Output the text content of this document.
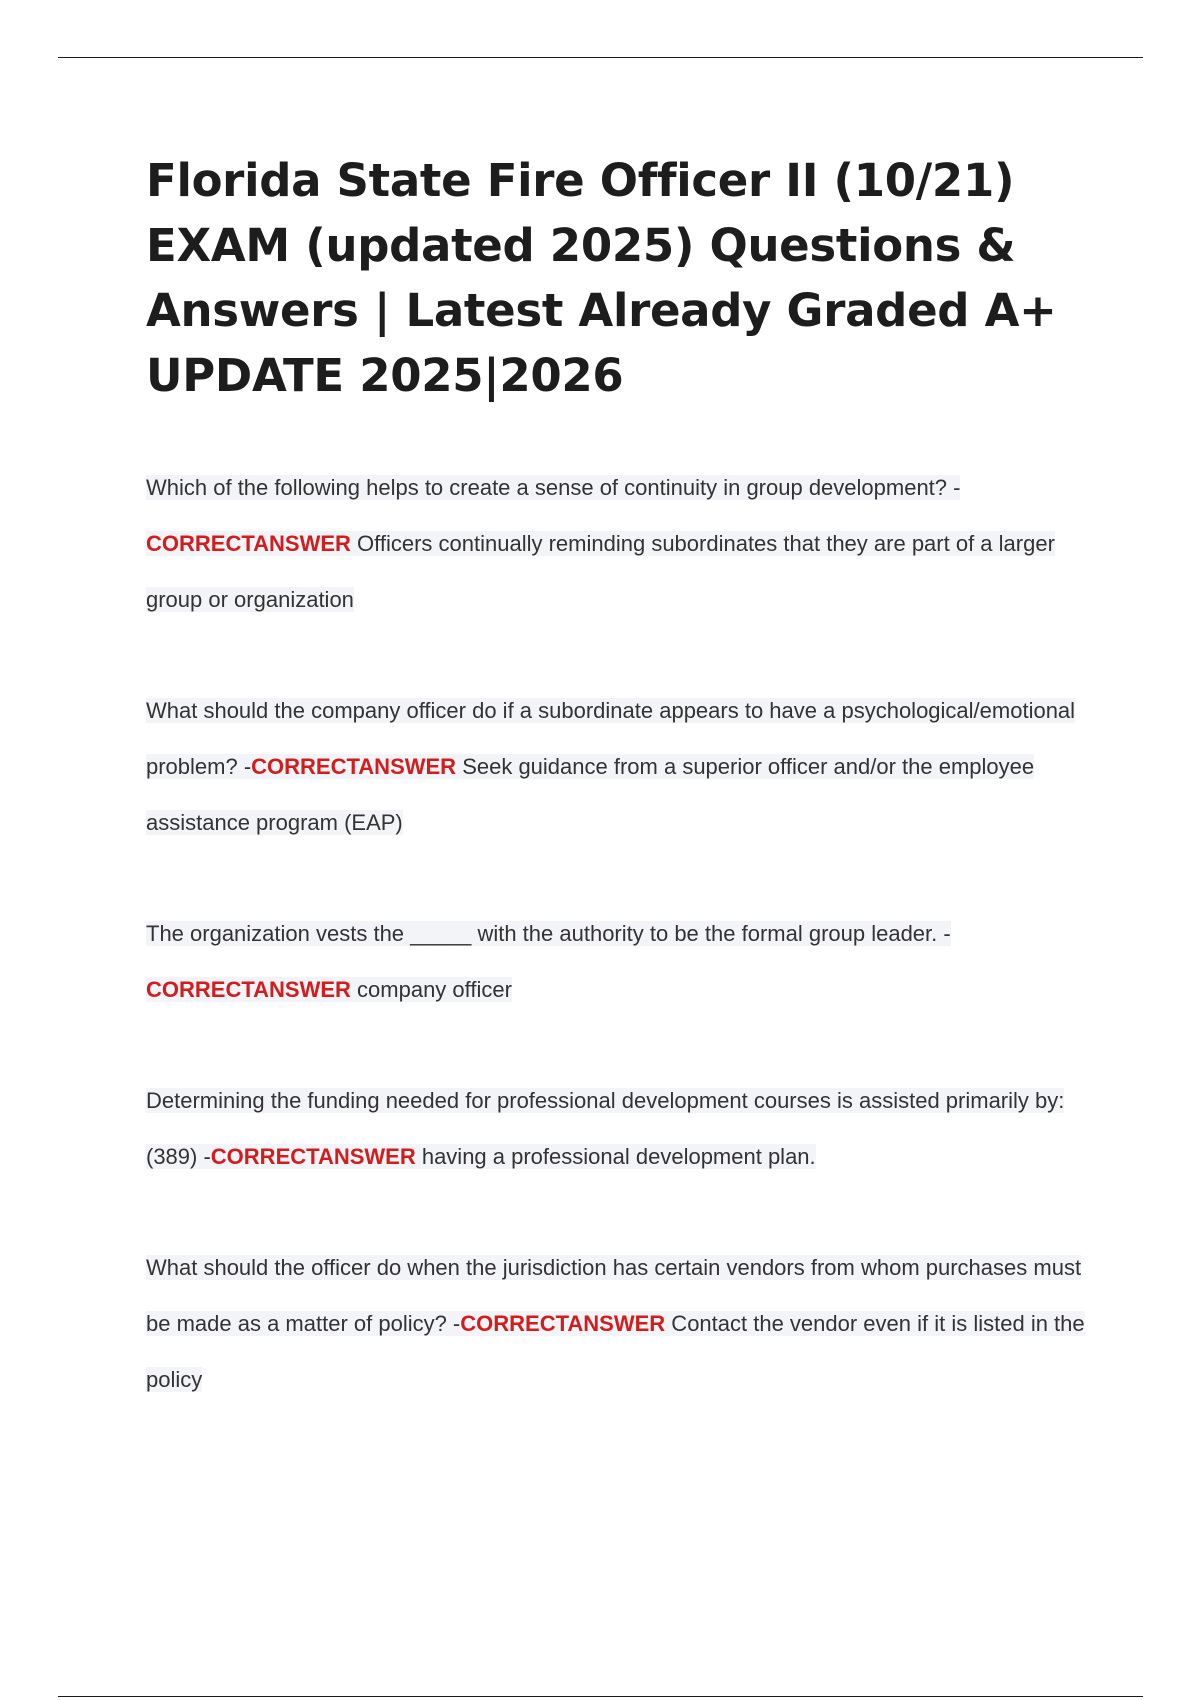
Florida State Fire Officer II (10/21) EXAM (updated 2025) Questions & Answers | Latest Already Graded A+ UPDATE 2025|2026

Which of the following helps to create a sense of continuity in group development? -CORRECTANSWER Officers continually reminding subordinates that they are part of a larger group or organization

What should the company officer do if a subordinate appears to have a psychological/emotional problem? -CORRECTANSWER Seek guidance from a superior officer and/or the employee assistance program (EAP)

The organization vests the _____ with the authority to be the formal group leader. -CORRECTANSWER company officer

Determining the funding needed for professional development courses is assisted primarily by: (389) -CORRECTANSWER having a professional development plan.

What should the officer do when the jurisdiction has certain vendors from whom purchases must be made as a matter of policy? -CORRECTANSWER Contact the vendor even if it is listed in the policy
